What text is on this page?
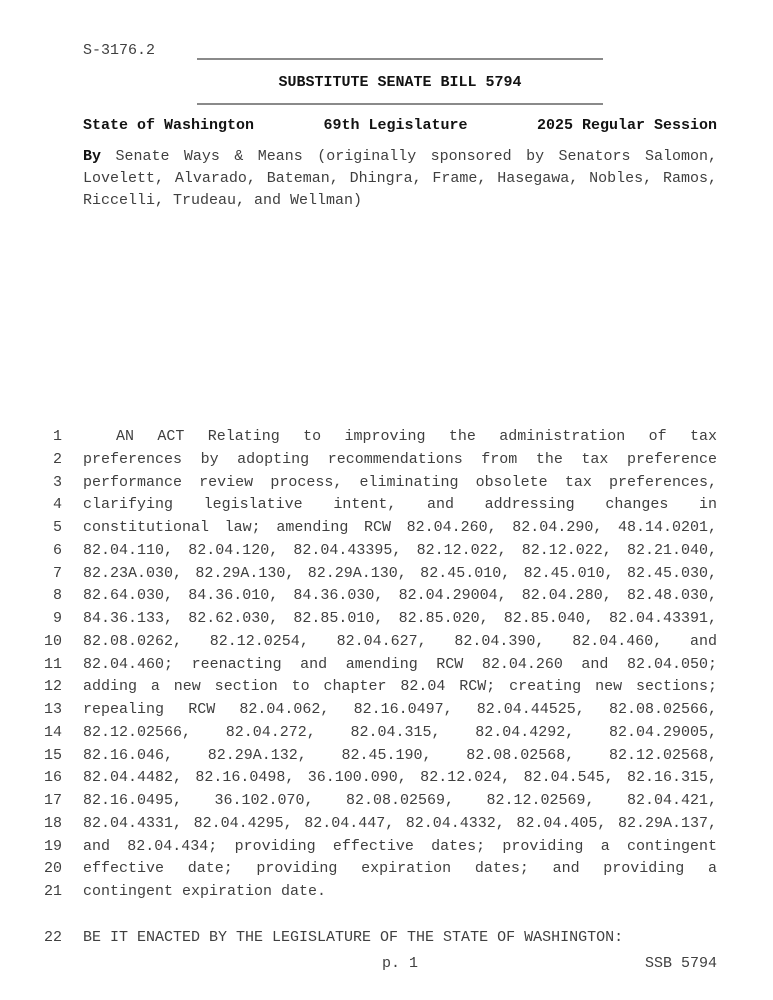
S-3176.2
SUBSTITUTE SENATE BILL 5794
State of Washington	69th Legislature	2025 Regular Session
By Senate Ways & Means (originally sponsored by Senators Salomon,
Lovelett, Alvarado, Bateman, Dhingra, Frame, Hasegawa, Nobles, Ramos,
Riccelli, Trudeau, and Wellman)
1	AN ACT Relating to improving the administration of tax
2 preferences by adopting recommendations from the tax preference
3 performance review process, eliminating obsolete tax preferences,
4 clarifying legislative intent, and addressing changes in
5 constitutional law; amending RCW 82.04.260, 82.04.290, 48.14.0201,
6 82.04.110, 82.04.120, 82.04.43395, 82.12.022, 82.12.022, 82.21.040,
7 82.23A.030, 82.29A.130, 82.29A.130, 82.45.010, 82.45.010, 82.45.030,
8 82.64.030, 84.36.010, 84.36.030, 82.04.29004, 82.04.280, 82.48.030,
9 84.36.133, 82.62.030, 82.85.010, 82.85.020, 82.85.040, 82.04.43391,
10 82.08.0262, 82.12.0254, 82.04.627, 82.04.390, 82.04.460, and
11 82.04.460; reenacting and amending RCW 82.04.260 and 82.04.050;
12 adding a new section to chapter 82.04 RCW; creating new sections;
13 repealing RCW 82.04.062, 82.16.0497, 82.04.44525, 82.08.02566,
14 82.12.02566, 82.04.272, 82.04.315, 82.04.4292, 82.04.29005,
15 82.16.046, 82.29A.132, 82.45.190, 82.08.02568, 82.12.02568,
16 82.04.4482, 82.16.0498, 36.100.090, 82.12.024, 82.04.545, 82.16.315,
17 82.16.0495, 36.102.070, 82.08.02569, 82.12.02569, 82.04.421,
18 82.04.4331, 82.04.4295, 82.04.447, 82.04.4332, 82.04.405, 82.29A.137,
19 and 82.04.434; providing effective dates; providing a contingent
20 effective date; providing expiration dates; and providing a
21 contingent expiration date.
22 BE IT ENACTED BY THE LEGISLATURE OF THE STATE OF WASHINGTON:
p. 1	SSB 5794
